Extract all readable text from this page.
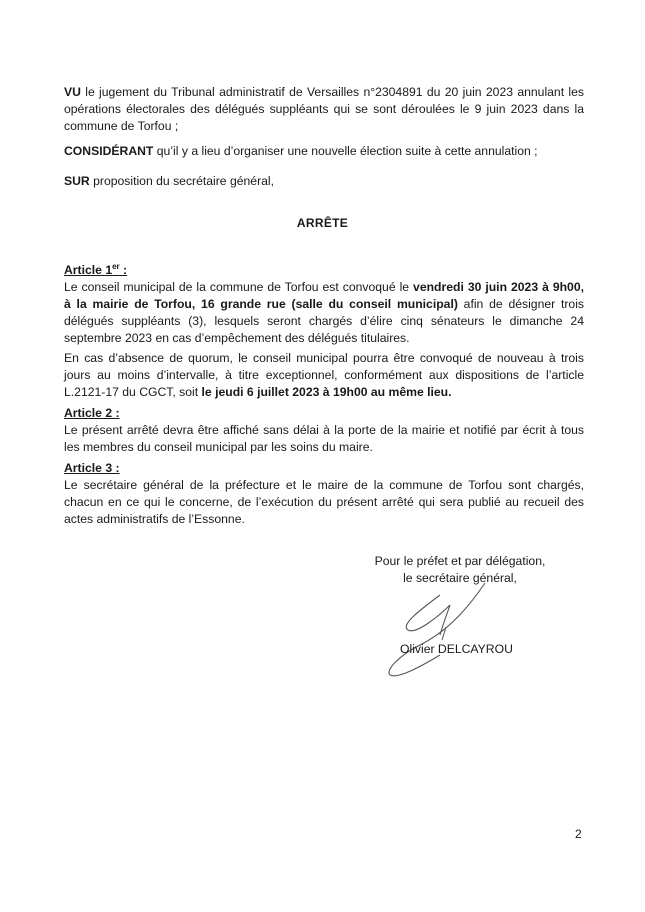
VU le jugement du Tribunal administratif de Versailles n°2304891 du 20 juin 2023 annulant les opérations électorales des délégués suppléants qui se sont déroulées le 9 juin 2023 dans la commune de Torfou ;
CONSIDÉRANT qu’il y a lieu d’organiser une nouvelle élection suite à cette annulation ;
SUR proposition du secrétaire général,
ARRÊTE
Article 1er :
Le conseil municipal de la commune de Torfou est convoqué le vendredi 30 juin 2023 à 9h00, à la mairie de Torfou, 16 grande rue (salle du conseil municipal) afin de désigner trois délégués suppléants (3), lesquels seront chargés d’élire cinq sénateurs le dimanche 24 septembre 2023 en cas d’empêchement des délégués titulaires.
En cas d’absence de quorum, le conseil municipal pourra être convoqué de nouveau à trois jours au moins d’intervalle, à titre exceptionnel, conformément aux dispositions de l’article L.2121-17 du CGCT, soit le jeudi 6 juillet 2023 à 19h00 au même lieu.
Article 2 :
Le présent arrêté devra être affiché sans délai à la porte de la mairie et notifié par écrit à tous les membres du conseil municipal par les soins du maire.
Article 3 :
Le secrétaire général de la préfecture et le maire de la commune de Torfou sont chargés, chacun en ce qui le concerne, de l’exécution du présent arrêté qui sera publié au recueil des actes administratifs de l’Essonne.
Pour le préfet et par délégation,
le secrétaire général,
Olivier DELCAYROU
2
